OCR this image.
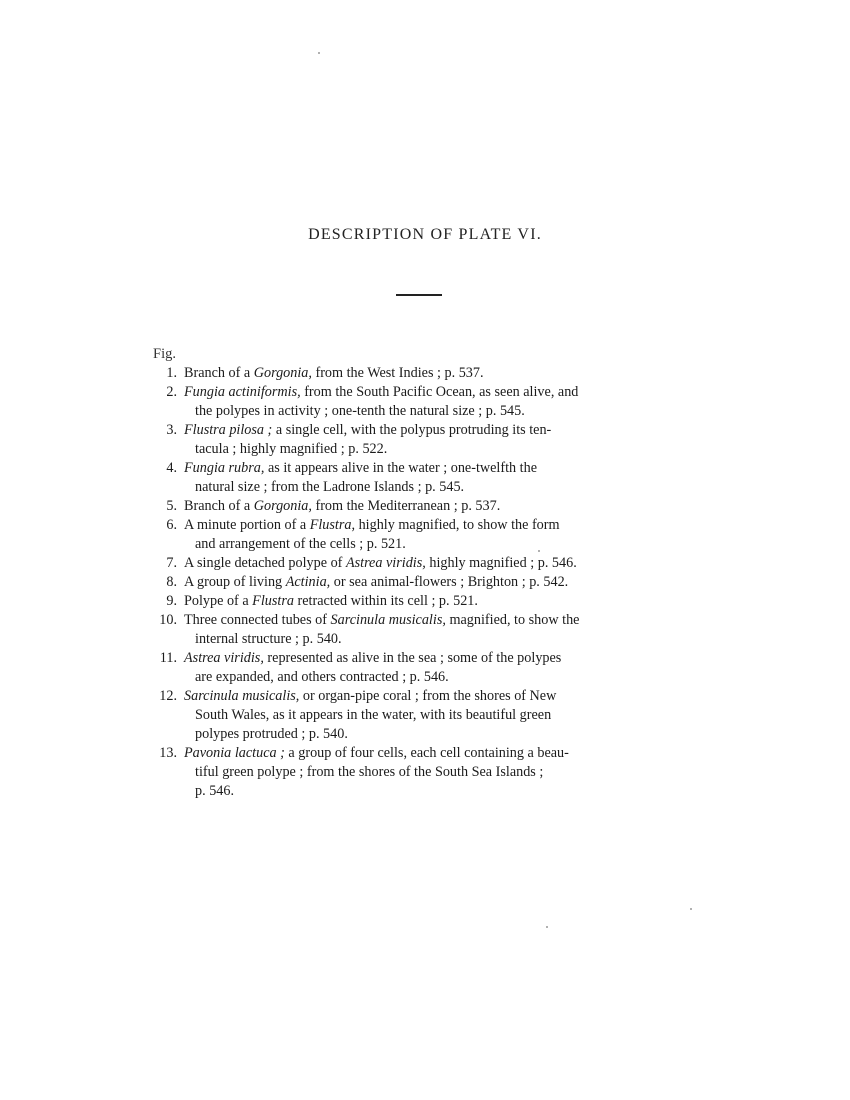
DESCRIPTION OF PLATE VI.
Fig.
1. Branch of a Gorgonia, from the West Indies ; p. 537.
2. Fungia actiniformis, from the South Pacific Ocean, as seen alive, and
the polypes in activity ; one-tenth the natural size ; p. 545.
3. Flustra pilosa ; a single cell, with the polypus protruding its ten-
tacula ; highly magnified ; p. 522.
4. Fungia rubra, as it appears alive in the water ; one-twelfth the
natural size ; from the Ladrone Islands ; p. 545.
5. Branch of a Gorgonia, from the Mediterranean ; p. 537.
6. A minute portion of a Flustra, highly magnified, to show the form
and arrangement of the cells ; p. 521.
7. A single detached polype of Astrea viridis, highly magnified ; p. 546.
8. A group of living Actinia, or sea animal-flowers ; Brighton ; p. 542.
9. Polype of a Flustra retracted within its cell ; p. 521.
10. Three connected tubes of Sarcinula musicalis, magnified, to show the
internal structure ; p. 540.
11. Astrea viridis, represented as alive in the sea ; some of the polypes
are expanded, and others contracted ; p. 546.
12. Sarcinula musicalis, or organ-pipe coral ; from the shores of New
South Wales, as it appears in the water, with its beautiful green
polypes protruded ; p. 540.
13. Pavonia lactuca ; a group of four cells, each cell containing a beau-
tiful green polype ; from the shores of the South Sea Islands ;
p. 546.
